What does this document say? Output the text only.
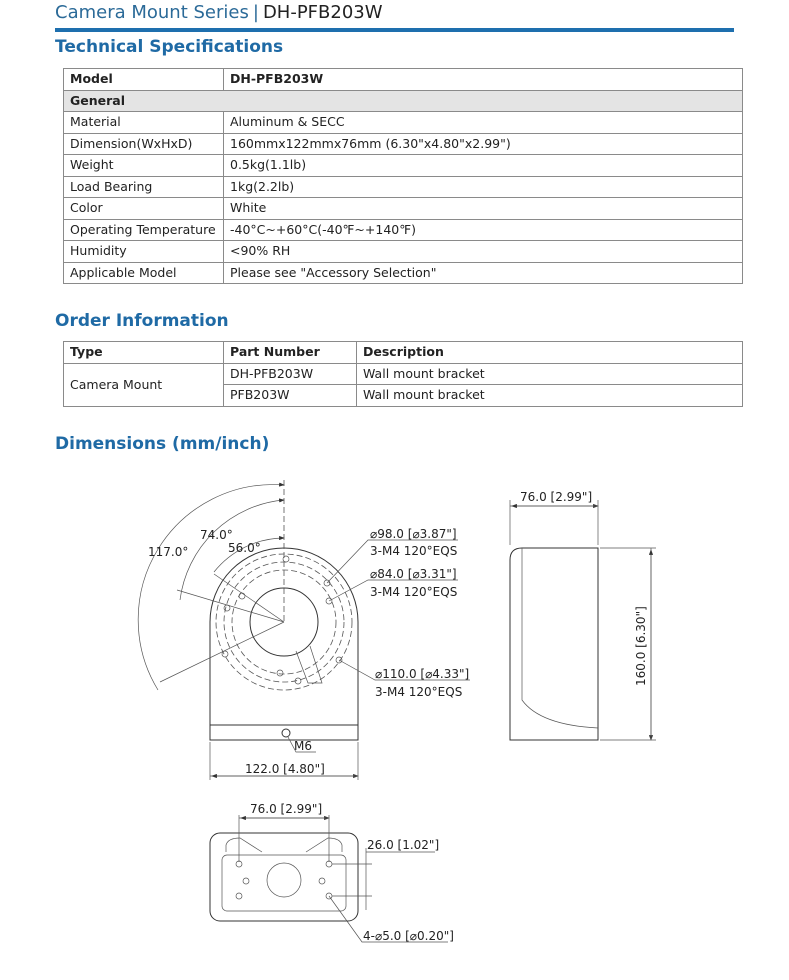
Camera Mount Series | DH-PFB203W
Technical Specifications
Model	DH-PFB203W
General	
Material	Aluminum & SECC
Dimension(WxHxD)	160mmx122mmx76mm (6.30"x4.80"x2.99")
Weight	0.5kg(1.1lb)
Load Bearing	1kg(2.2lb)
Color	White
Operating Temperature	-40°C~+60°C(-40℉~+140℉)
Humidity	<90% RH
Applicable Model	Please see "Accessory Selection"
Order Information
Type	Part Number	Description
Camera Mount	DH-PFB203W	Wall mount bracket
	PFB203W	Wall mount bracket
Dimensions (mm/inch)
117.0°
74.0°
56.0°
⌀98.0 [⌀3.87"]
3-M4 120°EQS
⌀84.0 [⌀3.31"]
3-M4 120°EQS
⌀110.0 [⌀4.33"]
3-M4 120°EQS
M6
122.0 [4.80"]
76.0 [2.99"]
160.0 [6.30"]
76.0 [2.99"]
26.0 [1.02"]
4-⌀5.0 [⌀0.20"]
